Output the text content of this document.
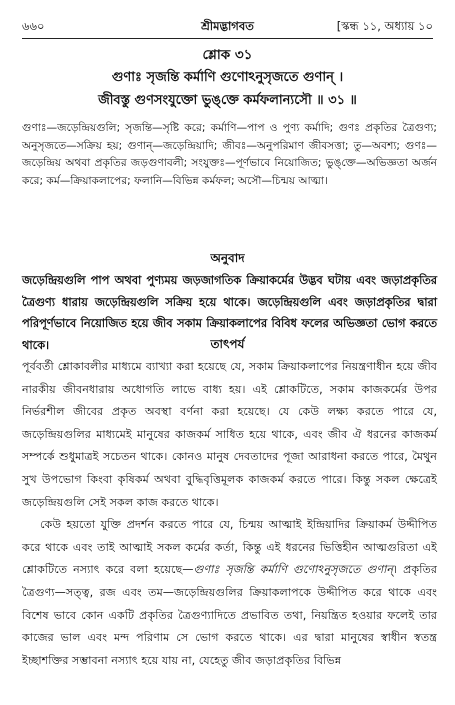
৬৬০	শ্রীমদ্ভাগবত	[স্কন্ধ ১১, অধ্যায় ১০
শ্লোক ৩১
গুণাঃ সৃজন্তি কর্মাণি গুণোঽনুসৃজতে গুণান্ ।
জীবস্তু গুণসংযুক্তো ভুঙ্‌ক্তে কর্মফলান্যসৌ ॥ ৩১ ॥
গুণাঃ—জড়েন্দ্রিয়গুলি; সৃজন্তি—সৃষ্টি করে; কর্মাণি—পাপ ও পুণ্য কর্মাদি; গুণঃ প্রকৃতির ত্রৈগুণ্য; অনুসৃজতে—সক্রিয় হয়; গুণান্—জড়েন্দ্রিয়াদি; জীবঃ—অনুপরিমাণ জীবসত্তা; তু—অবশ্য; গুণঃ—জড়েন্দ্রিয় অথবা প্রকৃতির জড়গুণাবলী; সংযুক্তঃ—পূর্ণভাবে নিয়োজিত; ভুঙ্‌ক্তে—অভিজ্ঞতা অর্জন করে; কর্ম—ক্রিয়াকলাপের; ফলানি—বিভিন্ন কর্মফল; অসৌ—চিন্ময় আত্মা।
অনুবাদ
জড়েন্দ্রিয়গুলি পাপ অথবা পুণ্যময় জড়জাগতিক ক্রিয়াকর্মের উদ্ভব ঘটায় এবং জড়াপ্রকৃতির ত্রৈগুণ্য ধারায় জড়েন্দ্রিয়গুলি সক্রিয় হয়ে থাকে। জড়েন্দ্রিয়গুলি এবং জড়াপ্রকৃতির দ্বারা পরিপূর্ণভাবে নিয়োজিত হয়ে জীব সকাম ক্রিয়াকলাপের বিবিধ ফলের অভিজ্ঞতা ভোগ করতে থাকে।	তাৎপর্য

পূর্ববর্তী শ্লোকাবলীর মাধ্যমে ব্যাখ্যা করা হয়েছে যে, সকাম ক্রিয়াকলাপের নিয়ন্ত্রণাধীন হয়ে জীব নারকীয় জীবনধারায় অধোগতি লাভে বাধ্য হয়। এই শ্লোকটিতে, সকাম কাজকর্মের উপর নির্ভরশীল জীবের প্রকৃত অবস্থা বর্ণনা করা হয়েছে। যে কেউ লক্ষ্য করতে পারে যে, জড়েন্দ্রিয়গুলির মাধ্যমেই মানুষের কাজকর্ম সাধিত হয়ে থাকে, এবং জীব ঐ ধরনের কাজকর্ম সম্পর্কে শুধুমাত্রই সচেতন থাকে। কোনও মানুষ দেবতাদের পূজা আরাধনা করতে পারে, মৈথুন সুখ উপভোগ কিংবা কৃষিকর্ম অথবা বুদ্ধিবৃত্তিমূলক কাজকর্ম করতে পারে। কিন্তু সকল ক্ষেত্রেই জড়েন্দ্রিয়গুলি সেই সকল কাজ করতে থাকে।

কেউ হয়তো যুক্তি প্রদর্শন করতে পারে যে, চিন্ময় আত্মাই ইন্দ্রিয়াদির ক্রিয়াকর্ম উদ্দীপিত করে থাকে এবং তাই আত্মাই সকল কর্মের কর্তা, কিন্তু এই ধরনের ভিত্তিহীন আত্মগুরিতা এই শ্লোকটিতে নস্যাৎ করে বলা হয়েছে—গুণাঃ সৃজন্তি কর্মাণি গুণোঽনুসৃজতে গুণান্। প্রকৃতির ত্রৈগুণ্য—সত্ত্ব, রজ এবং তম—জড়েন্দ্রিয়গুলির ক্রিয়াকলাপকে উদ্দীপিত করে থাকে এবং বিশেষ ভাবে কোন একটি প্রকৃতির ত্রৈগুণ্যাদিতে প্রভাবিত তথা, নিয়ন্ত্রিত হওয়ার ফলেই তার কাজের ভাল এবং মন্দ পরিণাম সে ভোগ করতে থাকে। এর দ্বারা মানুষের স্বাধীন স্বতন্ত্র ইচ্ছাশক্তির সম্ভাবনা নস্যাৎ হয়ে যায় না, যেহেতু জীব জড়াপ্রকৃতির বিভিন্ন
